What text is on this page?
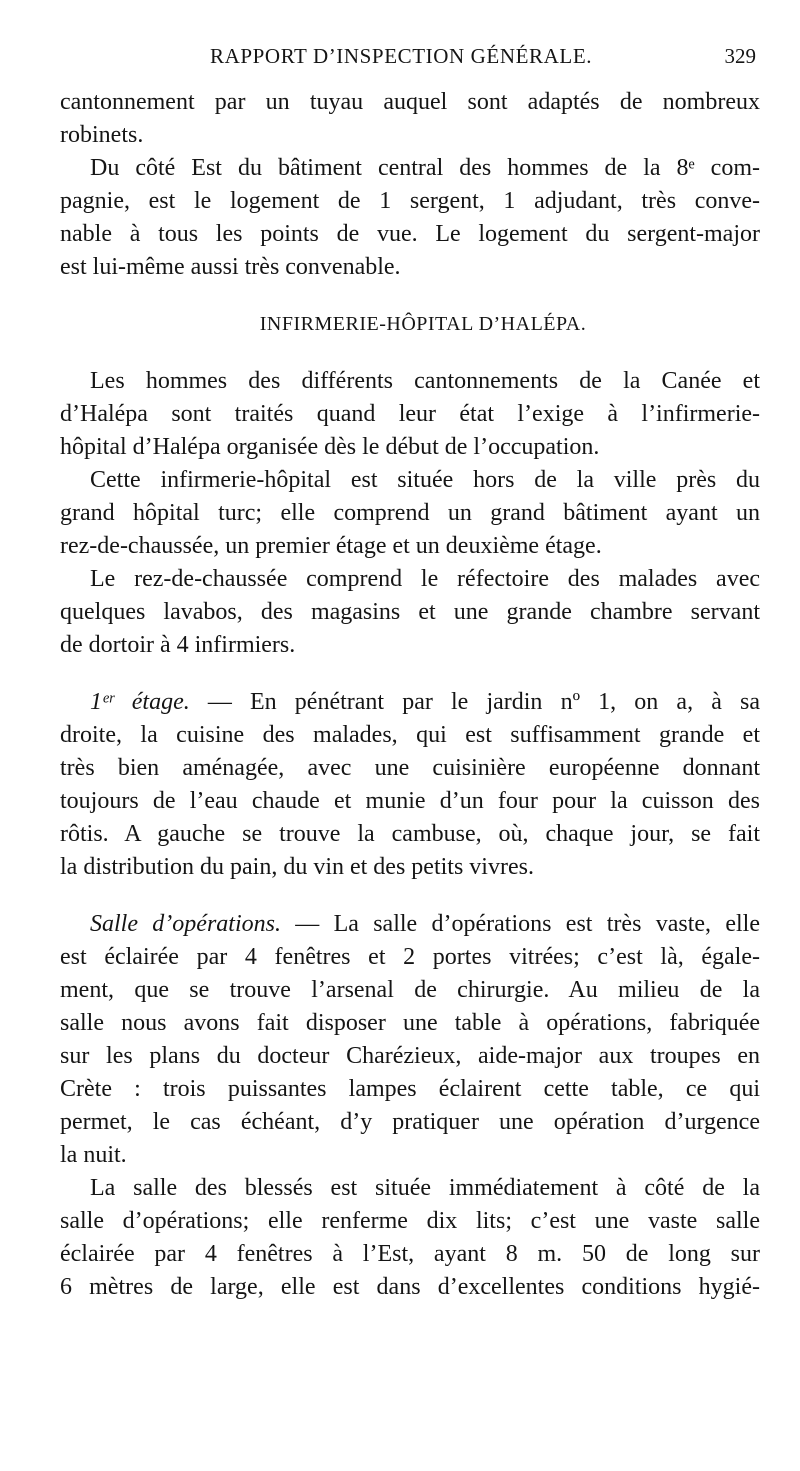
RAPPORT D’INSPECTION GÉNÉRALE.	329
cantonnement par un tuyau auquel sont adaptés de nombreux
robinets.
Du côté Est du bâtiment central des hommes de la 8ᵉ com-
pagnie, est le logement de 1 sergent, 1 adjudant, très conve-
nable à tous les points de vue. Le logement du sergent-major
est lui-même aussi très convenable.
INFIRMERIE-HÔPITAL D’HALÉPA.
Les hommes des différents cantonnements de la Canée et
d’Halépa sont traités quand leur état l’exige à l’infirmerie-
hôpital d’Halépa organisée dès le début de l’occupation.
Cette infirmerie-hôpital est située hors de la ville près du
grand hôpital turc; elle comprend un grand bâtiment ayant un
rez-de-chaussée, un premier étage et un deuxième étage.
Le rez-de-chaussée comprend le réfectoire des malades avec
quelques lavabos, des magasins et une grande chambre servant
de dortoir à 4 infirmiers.
1ᵉʳ étage. — En pénétrant par le jardin nº 1, on a, à sa
droite, la cuisine des malades, qui est suffisamment grande et
très bien aménagée, avec une cuisinière européenne donnant
toujours de l’eau chaude et munie d’un four pour la cuisson des
rôtis. A gauche se trouve la cambuse, où, chaque jour, se fait
la distribution du pain, du vin et des petits vivres.
Salle d’opérations. — La salle d’opérations est très vaste, elle
est éclairée par 4 fenêtres et 2 portes vitrées; c’est là, égale-
ment, que se trouve l’arsenal de chirurgie. Au milieu de la
salle nous avons fait disposer une table à opérations, fabriquée
sur les plans du docteur Charézieux, aide-major aux troupes en
Crète : trois puissantes lampes éclairent cette table, ce qui
permet, le cas échéant, d’y pratiquer une opération d’urgence
la nuit.
La salle des blessés est située immédiatement à côté de la
salle d’opérations; elle renferme dix lits; c’est une vaste salle
éclairée par 4 fenêtres à l’Est, ayant 8 m. 50 de long sur
6 mètres de large, elle est dans d’excellentes conditions hygié-
